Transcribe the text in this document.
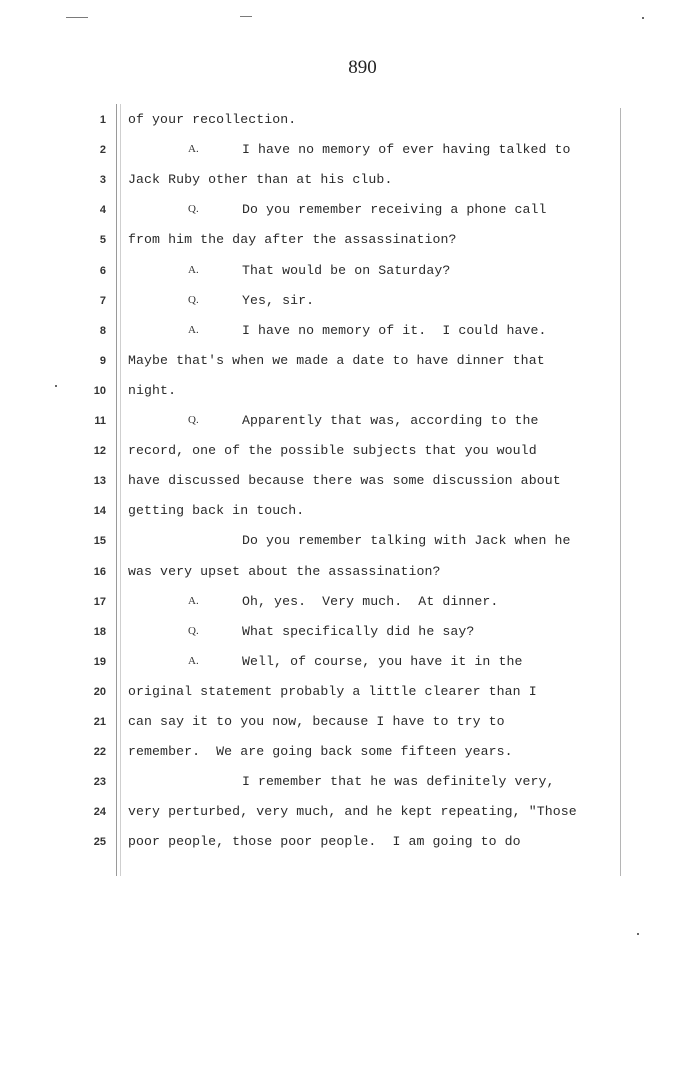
890
1 of your recollection.
2	A.	I have no memory of ever having talked to
3 Jack Ruby other than at his club.
4	Q.	Do you remember receiving a phone call
5 from him the day after the assassination?
6	A.	That would be on Saturday?
7	Q.	Yes, sir.
8	A.	I have no memory of it.  I could have.
9 Maybe that's when we made a date to have dinner that
10 night.
11	Q.	Apparently that was, according to the
12 record, one of the possible subjects that you would
13 have discussed because there was some discussion about
14 getting back in touch.
15	Do you remember talking with Jack when he
16 was very upset about the assassination?
17	A.	Oh, yes.  Very much.  At dinner.
18	Q.	What specifically did he say?
19	A.	Well, of course, you have it in the
20 original statement probably a little clearer than I
21 can say it to you now, because I have to try to
22 remember.  We are going back some fifteen years.
23	I remember that he was definitely very,
24 very perturbed, very much, and he kept repeating, "Those
25 poor people, those poor people.  I am going to do
